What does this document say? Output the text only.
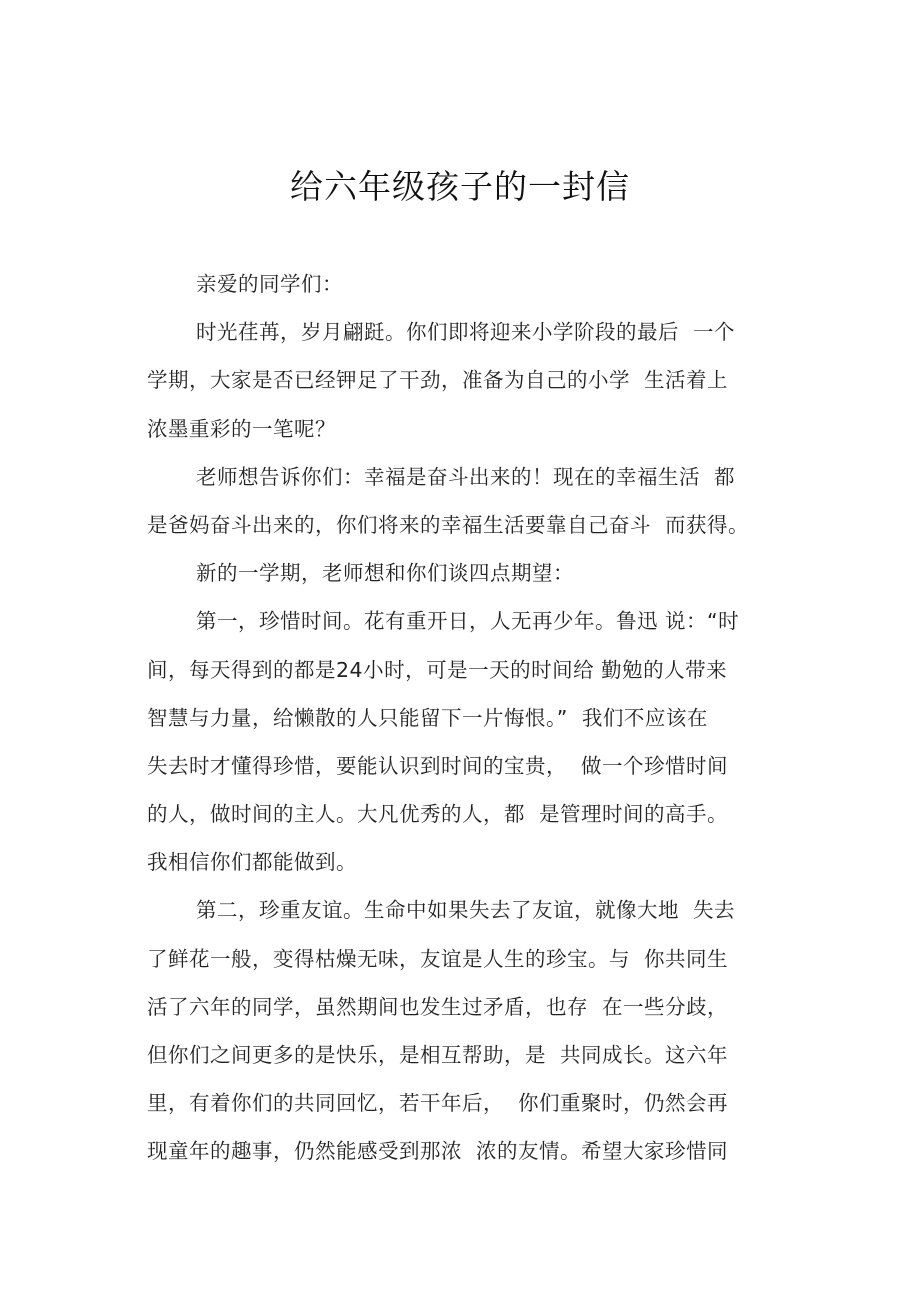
给六年级孩子的一封信
亲爱的同学们：
时光荏苒，岁月翩跹。你们即将迎来小学阶段的最后  一个
学期，大家是否已经钾足了干劲，准备为自己的小学  生活着上
浓墨重彩的一笔呢？
老师想告诉你们：幸福是奋斗出来的！现在的幸福生活  都
是爸妈奋斗出来的，你们将来的幸福生活要靠自己奋斗  而获得。
新的一学期，老师想和你们谈四点期望：
第一，珍惜时间。花有重开日，人无再少年。鲁迅 说：“时
间，每天得到的都是24小时，可是一天的时间给 勤勉的人带来
智慧与力量，给懒散的人只能留下一片悔恨。”  我们不应该在
失去时才懂得珍惜，要能认识到时间的宝贵，  做一个珍惜时间
的人，做时间的主人。大凡优秀的人，都  是管理时间的高手。
我相信你们都能做到。
第二，珍重友谊。生命中如果失去了友谊，就像大地  失去
了鲜花一般，变得枯燥无味，友谊是人生的珍宝。与  你共同生
活了六年的同学，虽然期间也发生过矛盾，也存  在一些分歧，
但你们之间更多的是快乐，是相互帮助，是  共同成长。这六年
里，有着你们的共同回忆，若干年后，  你们重聚时，仍然会再
现童年的趣事，仍然能感受到那浓  浓的友情。希望大家珍惜同
